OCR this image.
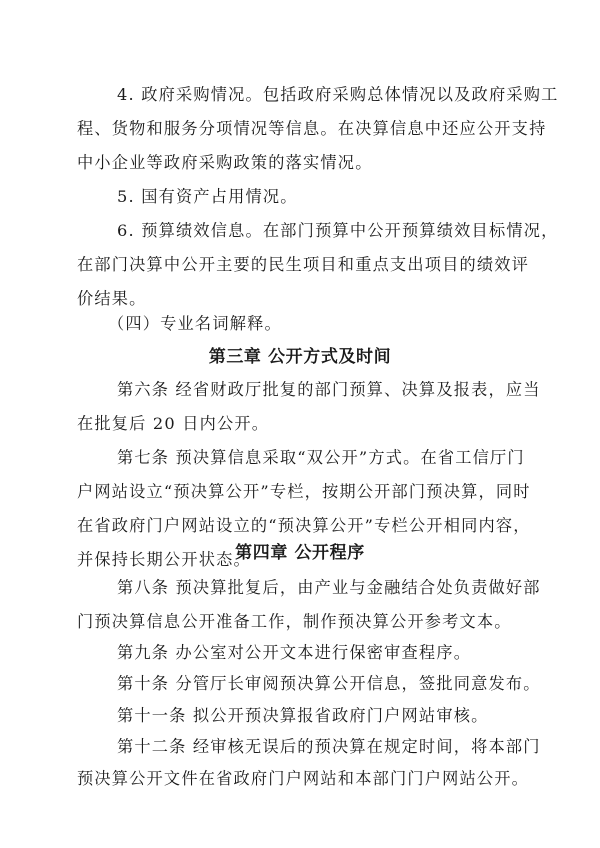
4. 政府采购情况。包括政府采购总体情况以及政府采购工

程、货物和服务分项情况等信息。在决算信息中还应公开支持

中小企业等政府采购政策的落实情况。

5. 国有资产占用情况。

6. 预算绩效信息。在部门预算中公开预算绩效目标情况，

在部门决算中公开主要的民生项目和重点支出项目的绩效评

价结果。

（四）专业名词解释。

第三章 公开方式及时间

第六条 经省财政厅批复的部门预算、决算及报表，应当

在批复后 20 日内公开。

第七条 预决算信息采取“双公开”方式。在省工信厅门

户网站设立“预决算公开”专栏，按期公开部门预决算，同时

在省政府门户网站设立的“预决算公开”专栏公开相同内容，

并保持长期公开状态。

第四章 公开程序

第八条 预决算批复后，由产业与金融结合处负责做好部

门预决算信息公开准备工作，制作预决算公开参考文本。

第九条 办公室对公开文本进行保密审查程序。

第十条 分管厅长审阅预决算公开信息，签批同意发布。

第十一条 拟公开预决算报省政府门户网站审核。

第十二条 经审核无误后的预决算在规定时间，将本部门

预决算公开文件在省政府门户网站和本部门门户网站公开。
